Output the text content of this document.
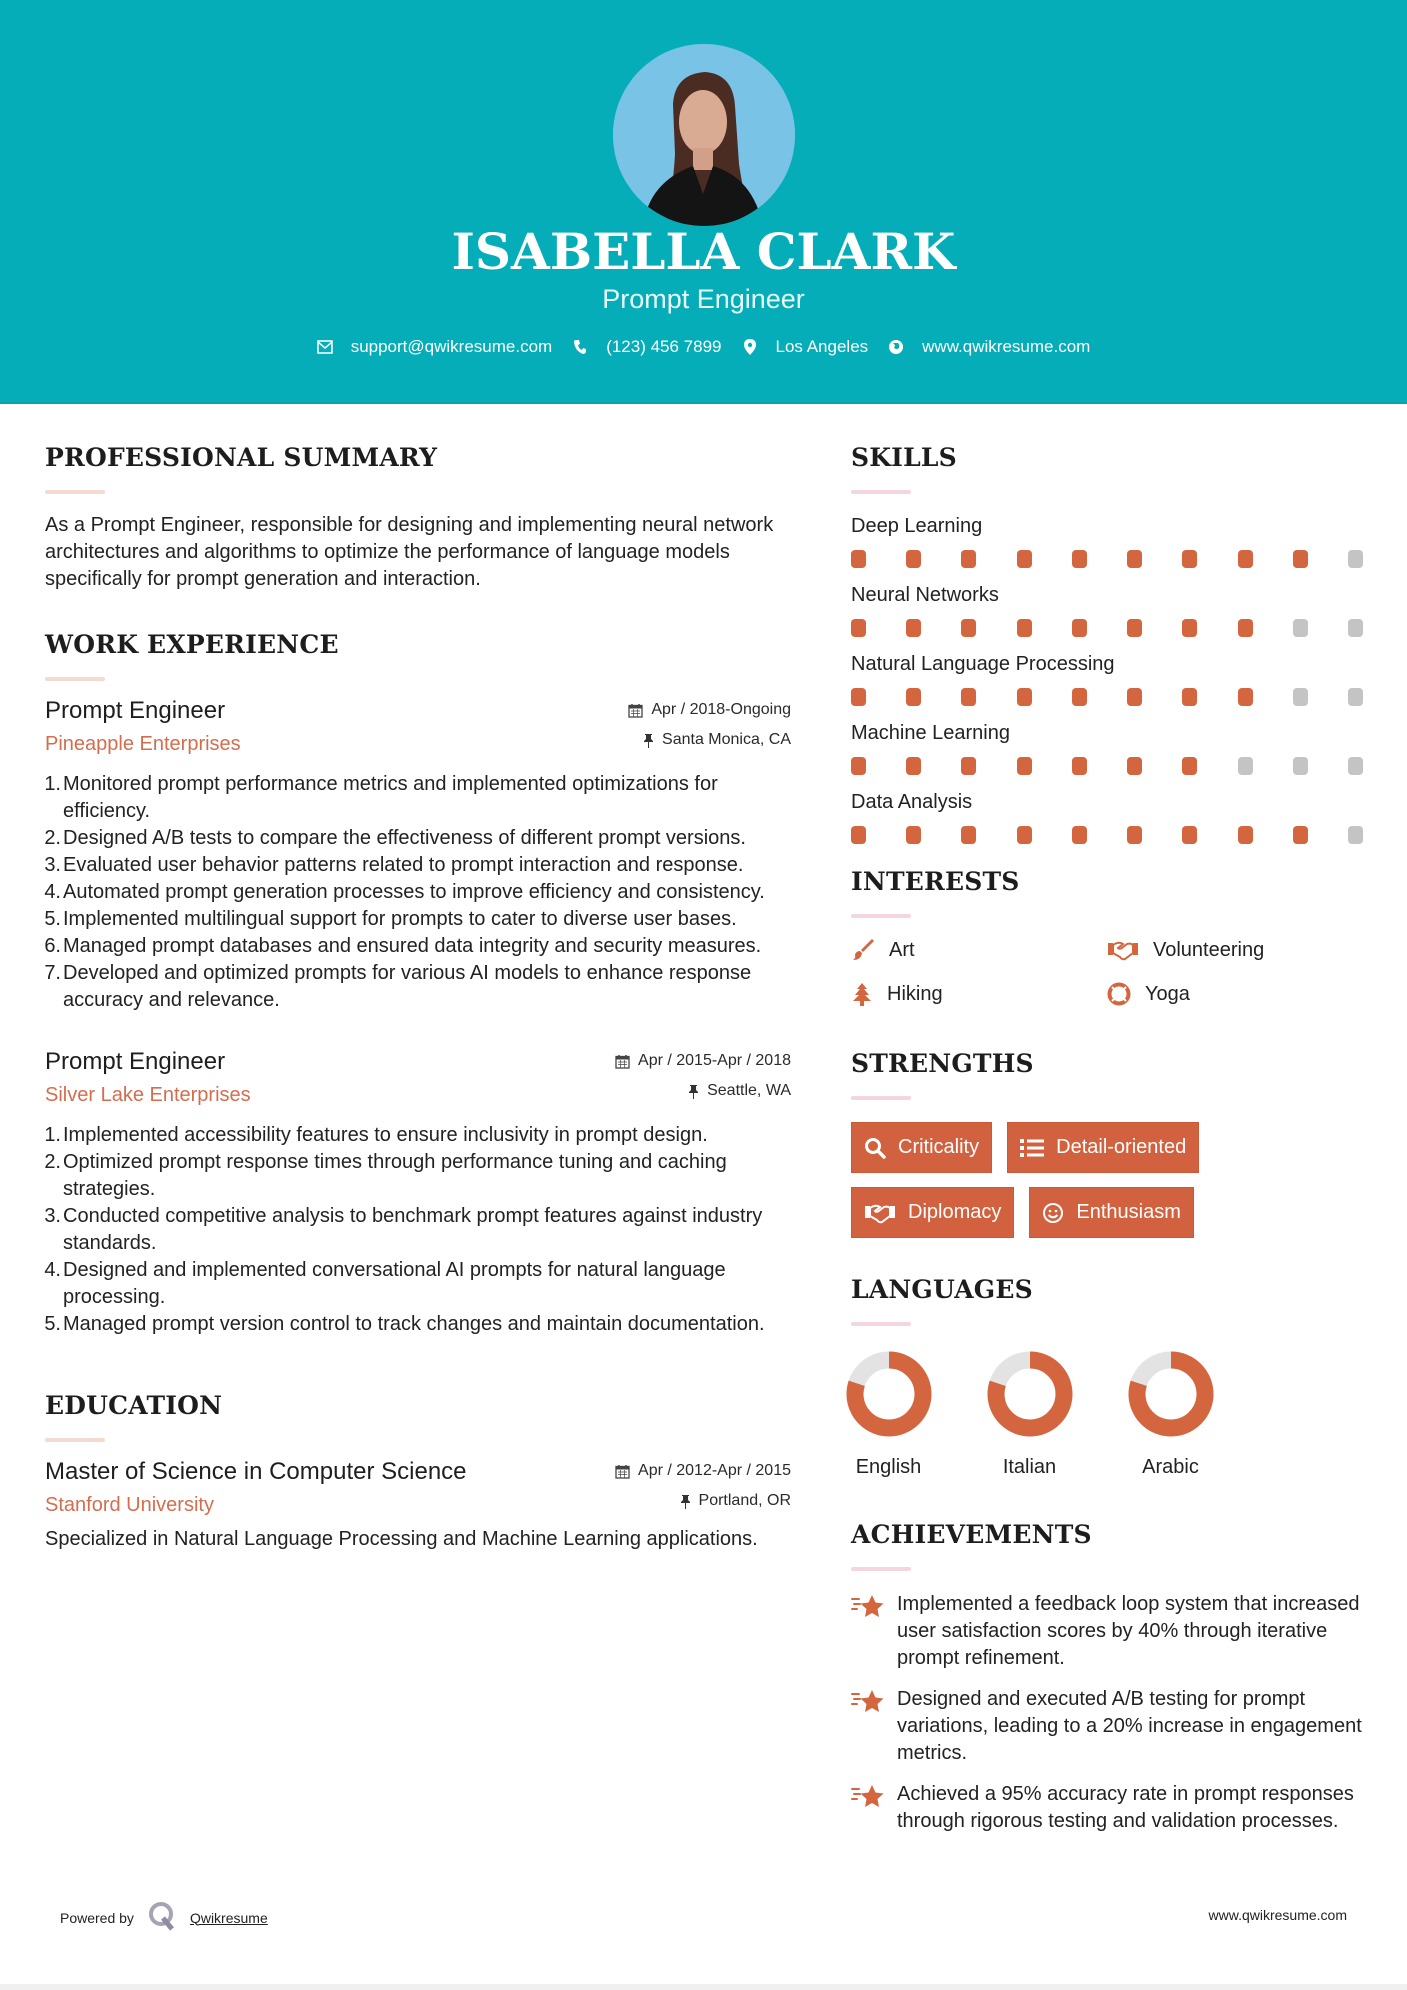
ISABELLA CLARK
Prompt Engineer
support@qwikresume.com	(123) 456 7899	Los Angeles	www.qwikresume.com
PROFESSIONAL SUMMARY

As a Prompt Engineer, responsible for designing and implementing neural network architectures and algorithms to optimize the performance of language models specifically for prompt generation and interaction.

WORK EXPERIENCE
Prompt Engineer
Pineapple Enterprises
Apr / 2018-Ongoing
Santa Monica, CA
1. Monitored prompt performance metrics and implemented optimizations for efficiency.
2. Designed A/B tests to compare the effectiveness of different prompt versions.
3. Evaluated user behavior patterns related to prompt interaction and response.
4. Automated prompt generation processes to improve efficiency and consistency.
5. Implemented multilingual support for prompts to cater to diverse user bases.
6. Managed prompt databases and ensured data integrity and security measures.
7. Developed and optimized prompts for various AI models to enhance response accuracy and relevance.
Prompt Engineer
Silver Lake Enterprises
Apr / 2015-Apr / 2018
Seattle, WA
1. Implemented accessibility features to ensure inclusivity in prompt design.
2. Optimized prompt response times through performance tuning and caching strategies.
3. Conducted competitive analysis to benchmark prompt features against industry standards.
4. Designed and implemented conversational AI prompts for natural language processing.
5. Managed prompt version control to track changes and maintain documentation.
EDUCATION
Master of Science in Computer Science
Stanford University
Apr / 2012-Apr / 2015
Portland, OR

Specialized in Natural Language Processing and Machine Learning applications.

SKILLS
Deep Learning
Neural Networks
Natural Language Processing
Machine Learning
Data Analysis
INTERESTS
Art	Volunteering
Hiking	Yoga
STRENGTHS
Criticality	Detail-oriented
Diplomacy	Enthusiasm
LANGUAGES
English	Italian	Arabic
ACHIEVEMENTS
Implemented a feedback loop system that increased user satisfaction scores by 40% through iterative prompt refinement.
Designed and executed A/B testing for prompt variations, leading to a 20% increase in engagement metrics.
Achieved a 95% accuracy rate in prompt responses through rigorous testing and validation processes.
Powered by	Qwikresume	www.qwikresume.com
